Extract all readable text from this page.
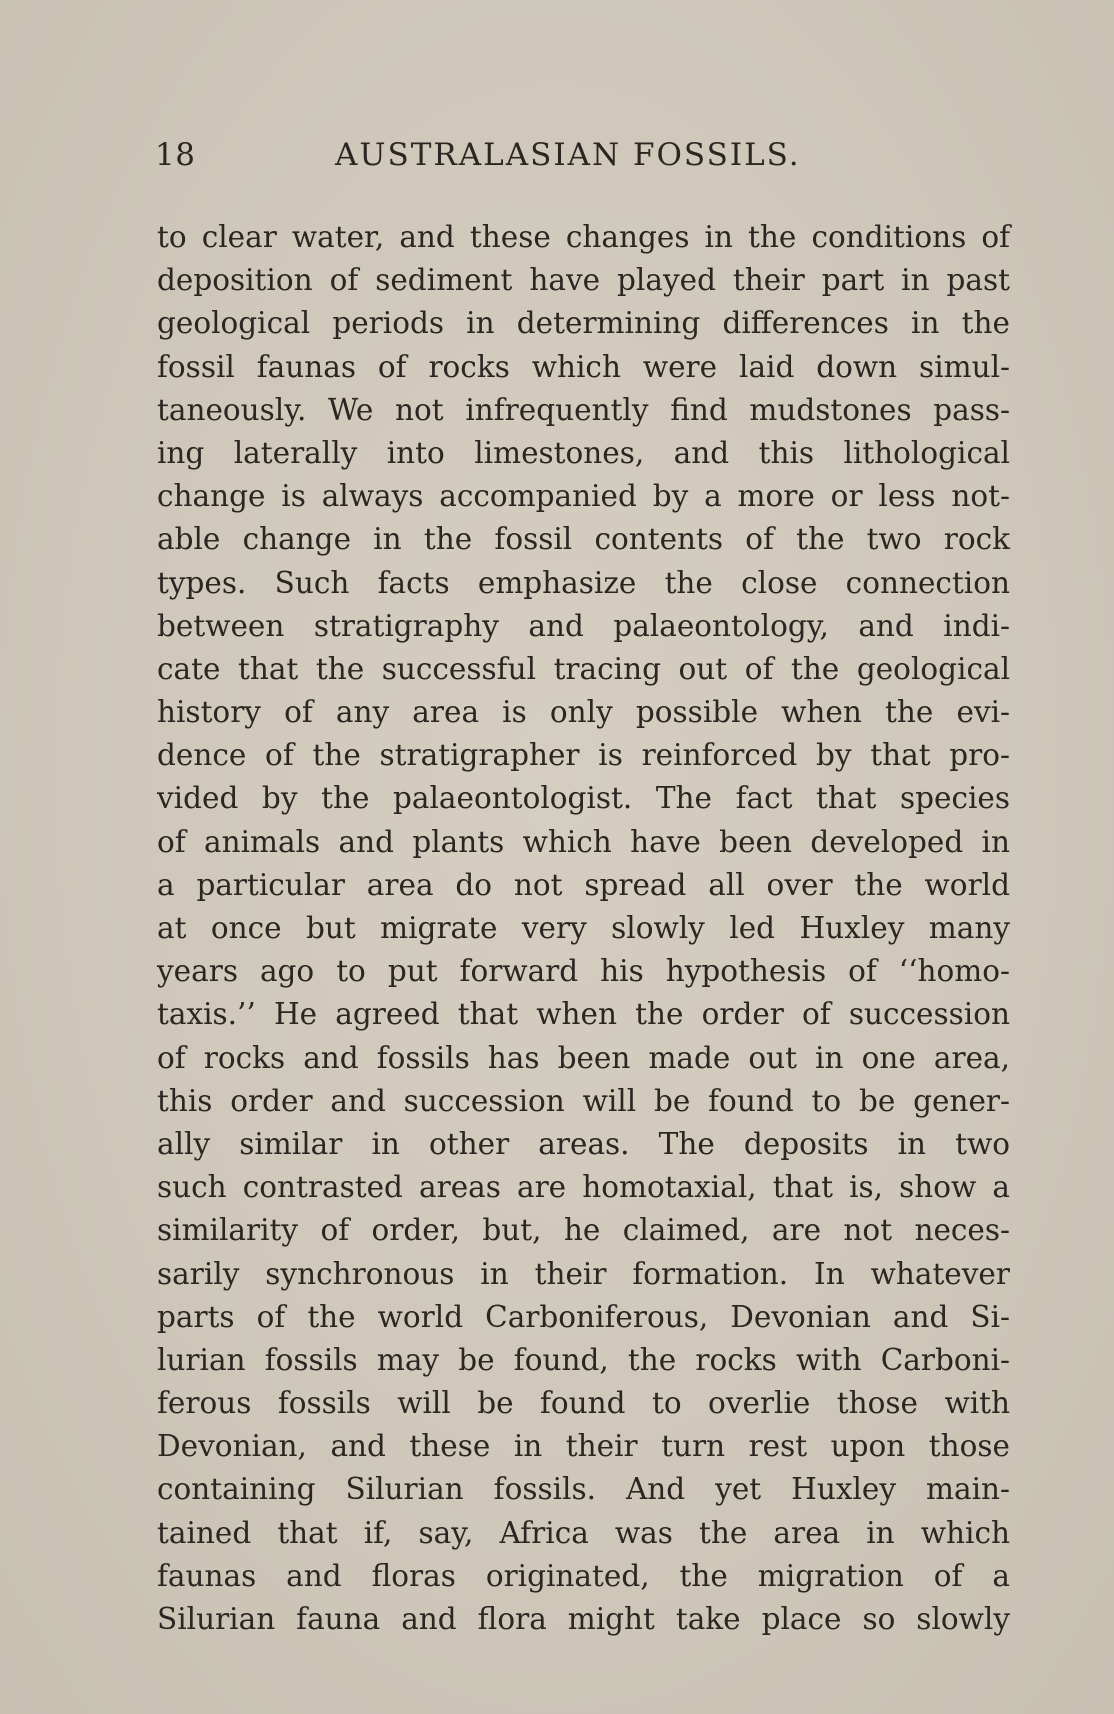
18	AUSTRALASIAN FOSSILS.
to clear water, and these changes in the conditions of
deposition of sediment have played their part in past
geological periods in determining differences in the
fossil faunas of rocks which were laid down simul-
taneously. We not infrequently find mudstones pass-
ing laterally into limestones, and this lithological
change is always accompanied by a more or less not-
able change in the fossil contents of the two rock
types. Such facts emphasize the close connection
between stratigraphy and palaeontology, and indi-
cate that the successful tracing out of the geological
history of any area is only possible when the evi-
dence of the stratigrapher is reinforced by that pro-
vided by the palaeontologist. The fact that species
of animals and plants which have been developed in
a particular area do not spread all over the world
at once but migrate very slowly led Huxley many
years ago to put forward his hypothesis of ‘‘homo-
taxis.’’ He agreed that when the order of succession
of rocks and fossils has been made out in one area,
this order and succession will be found to be gener-
ally similar in other areas. The deposits in two
such contrasted areas are homotaxial, that is, show a
similarity of order, but, he claimed, are not neces-
sarily synchronous in their formation. In whatever
parts of the world Carboniferous, Devonian and Si-
lurian fossils may be found, the rocks with Carboni-
ferous fossils will be found to overlie those with
Devonian, and these in their turn rest upon those
containing Silurian fossils. And yet Huxley main-
tained that if, say, Africa was the area in which
faunas and floras originated, the migration of a
Silurian fauna and flora might take place so slowly
